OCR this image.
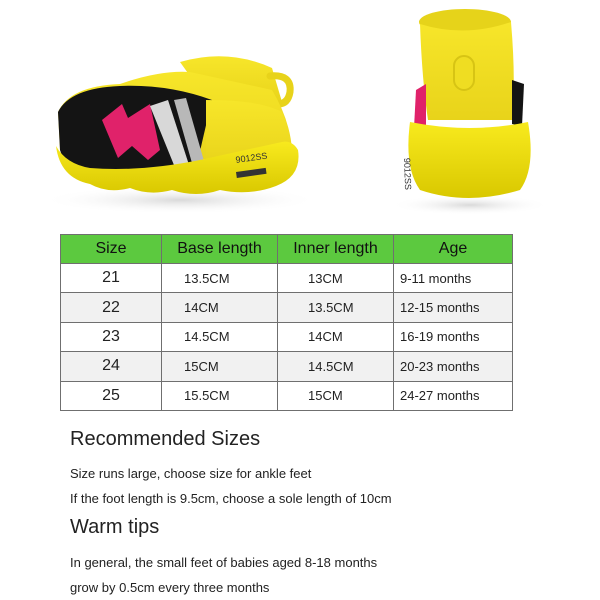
9012SS	9012SS
Size	Base length	Inner length	Age
21	13.5CM	13CM	9-11 months
22	14CM	13.5CM	12-15 months
23	14.5CM	14CM	16-19 months
24	15CM	14.5CM	20-23 months
25	15.5CM	15CM	24-27 months
Recommended Sizes

Size runs large, choose size for ankle feet

If the foot length is 9.5cm, choose a sole length of 10cm

Warm tips

In general, the small feet of babies aged 8-18 months

grow by 0.5cm every three months
